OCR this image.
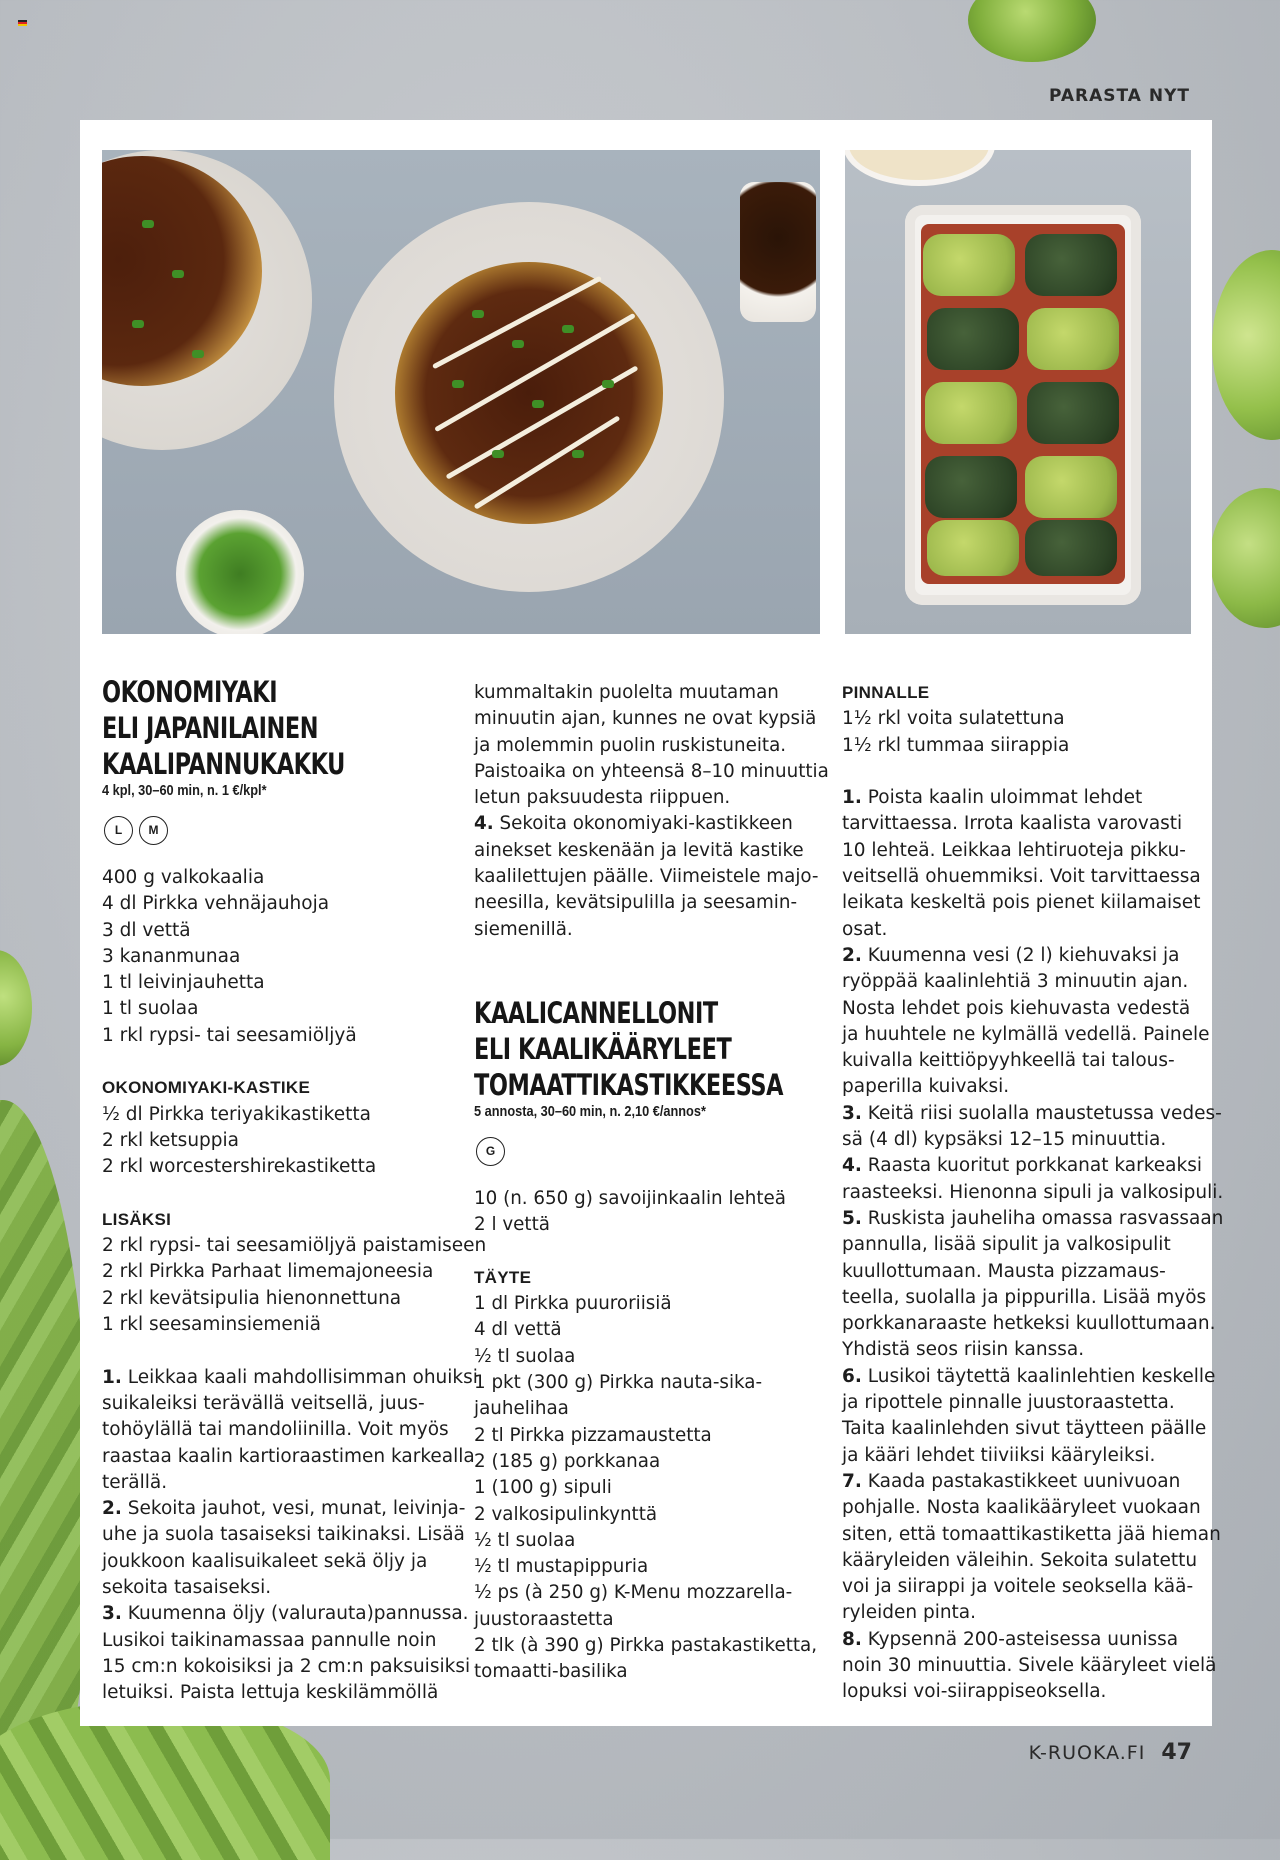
PARASTA NYT

OKONOMIYAKI

ELI JAPANILAINEN

KAALIPANNUKAKKU

4 kpl, 30–60 min, n. 1 €/kpl*

L	M

400 g valkokaalia

4 dl Pirkka vehnäjauhoja

3 dl vettä

3 kananmunaa

1 tl leivinjauhetta

1 tl suolaa

1 rkl rypsi- tai seesamiöljyä

OKONOMIYAKI-KASTIKE

½ dl Pirkka teriyakikastiketta

2 rkl ketsuppia

2 rkl worcestershirekastiketta

LISÄKSI

2 rkl rypsi- tai seesamiöljyä paistamiseen

2 rkl Pirkka Parhaat limemajoneesia

2 rkl kevätsipulia hienonnettuna

1 rkl seesaminsiemeniä

1. Leikkaa kaali mahdollisimman ohuiksi

suikaleiksi terävällä veitsellä, juus-

tohöylällä tai mandoliinilla. Voit myös

raastaa kaalin kartioraastimen karkealla

terällä.

2. Sekoita jauhot, vesi, munat, leivinja-

uhe ja suola tasaiseksi taikinaksi. Lisää

joukkoon kaalisuikaleet sekä öljy ja

sekoita tasaiseksi.

3. Kuumenna öljy (valurauta)pannussa.

Lusikoi taikinamassaa pannulle noin

15 cm:n kokoisiksi ja 2 cm:n paksuisiksi

letuiksi. Paista lettuja keskilämmöllä

kummaltakin puolelta muutaman

minuutin ajan, kunnes ne ovat kypsiä

ja molemmin puolin ruskistuneita.

Paistoaika on yhteensä 8–10 minuuttia

letun paksuudesta riippuen.

4. Sekoita okonomiyaki-kastikkeen

ainekset keskenään ja levitä kastike

kaalilettujen päälle. Viimeistele majo-

neesilla, kevätsipulilla ja seesamin-

siemenillä.

KAALICANNELLONIT

ELI KAALIKÄÄRYLEET

TOMAATTIKASTIKKEESSA

5 annosta, 30–60 min, n. 2,10 €/annos*

G

10 (n. 650 g) savoijinkaalin lehteä

2 l vettä

TÄYTE

1 dl Pirkka puuroriisiä

4 dl vettä

½ tl suolaa

1 pkt (300 g) Pirkka nauta-sika-

jauhelihaa

2 tl Pirkka pizzamaustetta

2 (185 g) porkkanaa

1 (100 g) sipuli

2 valkosipulinkynttä

½ tl suolaa

½ tl mustapippuria

½ ps (à 250 g) K-Menu mozzarella-

juustoraastetta

2 tlk (à 390 g) Pirkka pastakastiketta,

tomaatti-basilika

PINNALLE

1½ rkl voita sulatettuna

1½ rkl tummaa siirappia

1. Poista kaalin uloimmat lehdet

tarvittaessa. Irrota kaalista varovasti

10 lehteä. Leikkaa lehtiruoteja pikku-

veitsellä ohuemmiksi. Voit tarvittaessa

leikata keskeltä pois pienet kiilamaiset

osat.

2. Kuumenna vesi (2 l) kiehuvaksi ja

ryöppää kaalinlehtiä 3 minuutin ajan.

Nosta lehdet pois kiehuvasta vedestä

ja huuhtele ne kylmällä vedellä. Painele

kuivalla keittiöpyyhkeellä tai talous-

paperilla kuivaksi.

3. Keitä riisi suolalla maustetussa vedes-

sä (4 dl) kypsäksi 12–15 minuuttia.

4. Raasta kuoritut porkkanat karkeaksi

raasteeksi. Hienonna sipuli ja valkosipuli.

5. Ruskista jauheliha omassa rasvassaan

pannulla, lisää sipulit ja valkosipulit

kuullottumaan. Mausta pizzamaus-

teella, suolalla ja pippurilla. Lisää myös

porkkanaraaste hetkeksi kuullottumaan.

Yhdistä seos riisin kanssa.

6. Lusikoi täytettä kaalinlehtien keskelle

ja ripottele pinnalle juustoraastetta.

Taita kaalinlehden sivut täytteen päälle

ja kääri lehdet tiiviiksi kääryleiksi.

7. Kaada pastakastikkeet uunivuoan

pohjalle. Nosta kaalikääryleet vuokaan

siten, että tomaattikastiketta jää hieman

kääryleiden väleihin. Sekoita sulatettu

voi ja siirappi ja voitele seoksella kää-

ryleiden pinta.

8. Kypsennä 200-asteisessa uunissa

noin 30 minuuttia. Sivele kääryleet vielä

lopuksi voi-siirappiseoksella.

K-RUOKA.FI 47
